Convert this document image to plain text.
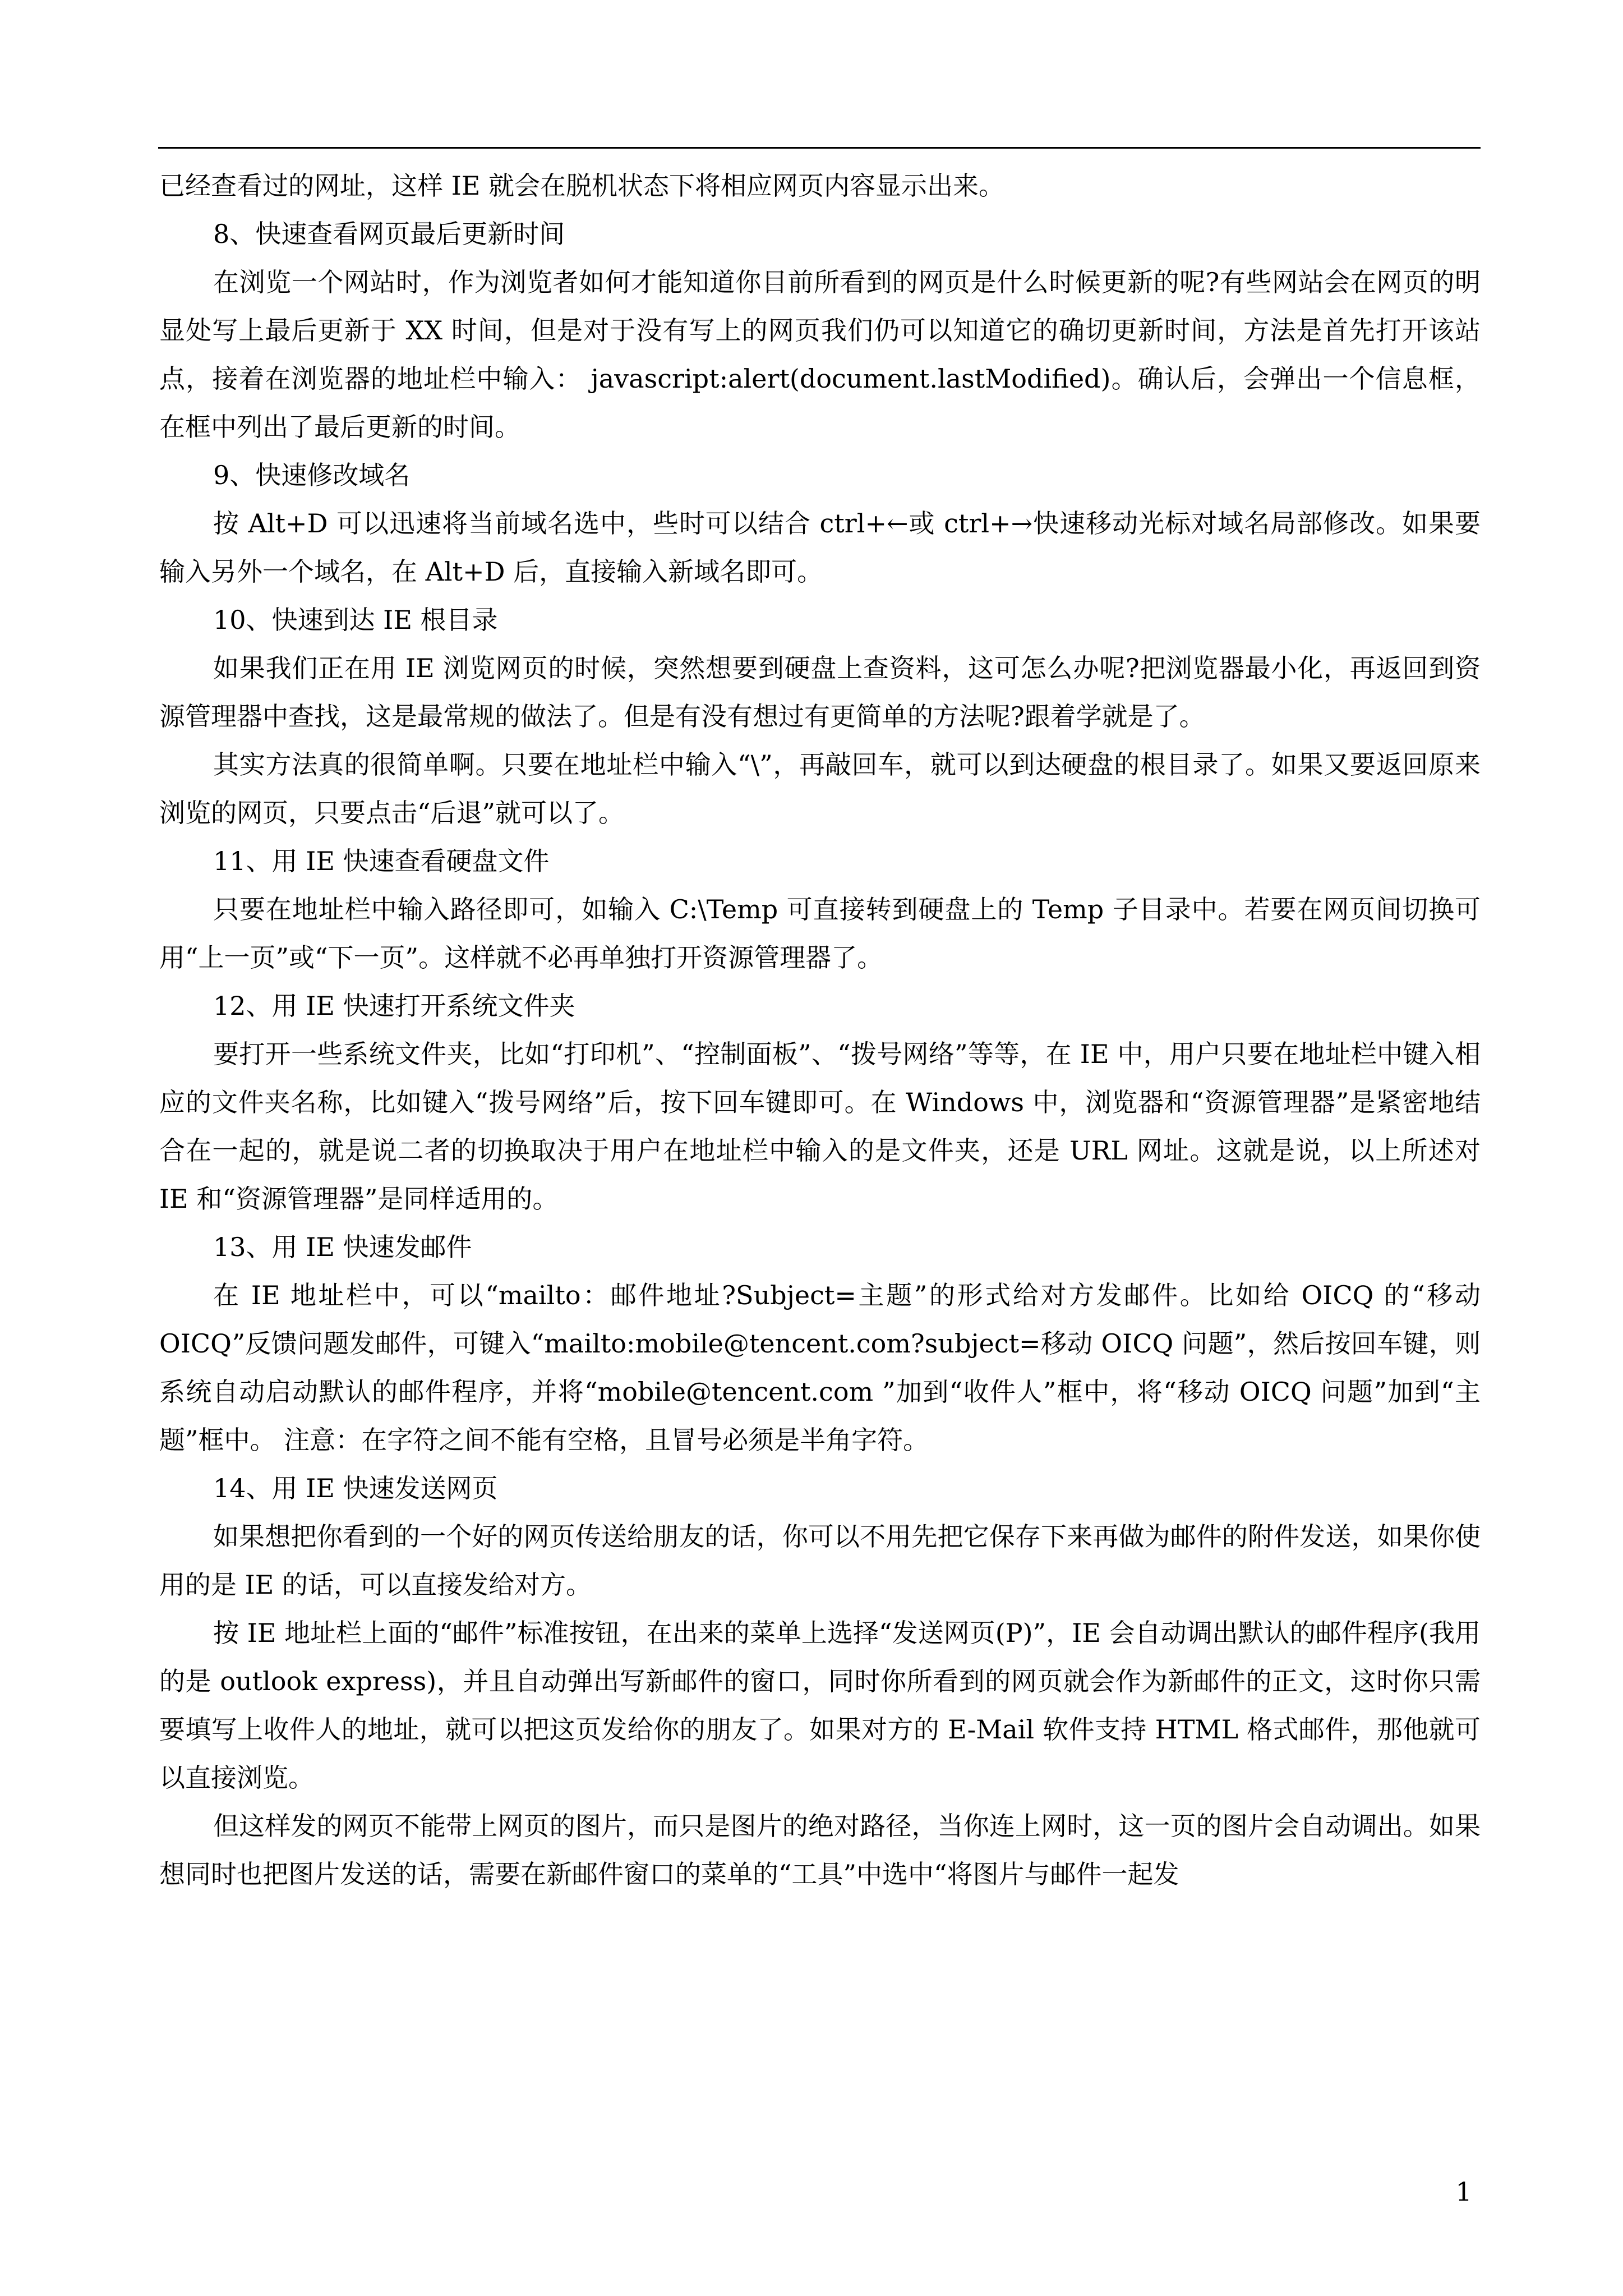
已经查看过的网址，这样 IE 就会在脱机状态下将相应网页内容显示出来。

8、快速查看网页最后更新时间

在浏览一个网站时，作为浏览者如何才能知道你目前所看到的网页是什么时候更新的呢?有些网站会在网页的明显处写上最后更新于 XX 时间，但是对于没有写上的网页我们仍可以知道它的确切更新时间，方法是首先打开该站点，接着在浏览器的地址栏中输入： javascript:alert(document.lastModified)。确认后，会弹出一个信息框，在框中列出了最后更新的时间。

9、快速修改域名

按 Alt+D 可以迅速将当前域名选中，些时可以结合 ctrl+←或 ctrl+→快速移动光标对域名局部修改。如果要输入另外一个域名，在 Alt+D 后，直接输入新域名即可。

10、快速到达 IE 根目录

如果我们正在用 IE 浏览网页的时候，突然想要到硬盘上查资料，这可怎么办呢?把浏览器最小化，再返回到资源管理器中查找，这是最常规的做法了。但是有没有想过有更简单的方法呢?跟着学就是了。

其实方法真的很简单啊。只要在地址栏中输入“\”，再敲回车，就可以到达硬盘的根目录了。如果又要返回原来浏览的网页，只要点击“后退”就可以了。

11、用 IE 快速查看硬盘文件

只要在地址栏中输入路径即可，如输入 C:\Temp 可直接转到硬盘上的 Temp 子目录中。若要在网页间切换可用“上一页”或“下一页”。这样就不必再单独打开资源管理器了。

12、用 IE 快速打开系统文件夹

要打开一些系统文件夹，比如“打印机”、“控制面板”、“拨号网络”等等，在 IE 中，用户只要在地址栏中键入相应的文件夹名称，比如键入“拨号网络”后，按下回车键即可。在 Windows 中，浏览器和“资源管理器”是紧密地结合在一起的，就是说二者的切换取决于用户在地址栏中输入的是文件夹，还是 URL 网址。这就是说，以上所述对 IE 和“资源管理器”是同样适用的。

13、用 IE 快速发邮件

在 IE 地址栏中，可以“mailto：邮件地址?Subject=主题”的形式给对方发邮件。比如给 OICQ 的“移动 OICQ”反馈问题发邮件，可键入“mailto:mobile@tencent.com?subject=移动 OICQ 问题”，然后按回车键，则系统自动启动默认的邮件程序，并将“mobile@tencent.com ”加到“收件人”框中，将“移动 OICQ 问题”加到“主题”框中。 注意：在字符之间不能有空格，且冒号必须是半角字符。

14、用 IE 快速发送网页

如果想把你看到的一个好的网页传送给朋友的话，你可以不用先把它保存下来再做为邮件的附件发送，如果你使用的是 IE 的话，可以直接发给对方。

按 IE 地址栏上面的“邮件”标准按钮，在出来的菜单上选择“发送网页(P)”，IE 会自动调出默认的邮件程序(我用的是 outlook express)，并且自动弹出写新邮件的窗口，同时你所看到的网页就会作为新邮件的正文，这时你只需要填写上收件人的地址，就可以把这页发给你的朋友了。如果对方的 E-Mail 软件支持 HTML 格式邮件，那他就可以直接浏览。

但这样发的网页不能带上网页的图片，而只是图片的绝对路径，当你连上网时，这一页的图片会自动调出。如果想同时也把图片发送的话，需要在新邮件窗口的菜单的“工具”中选中“将图片与邮件一起发

1
